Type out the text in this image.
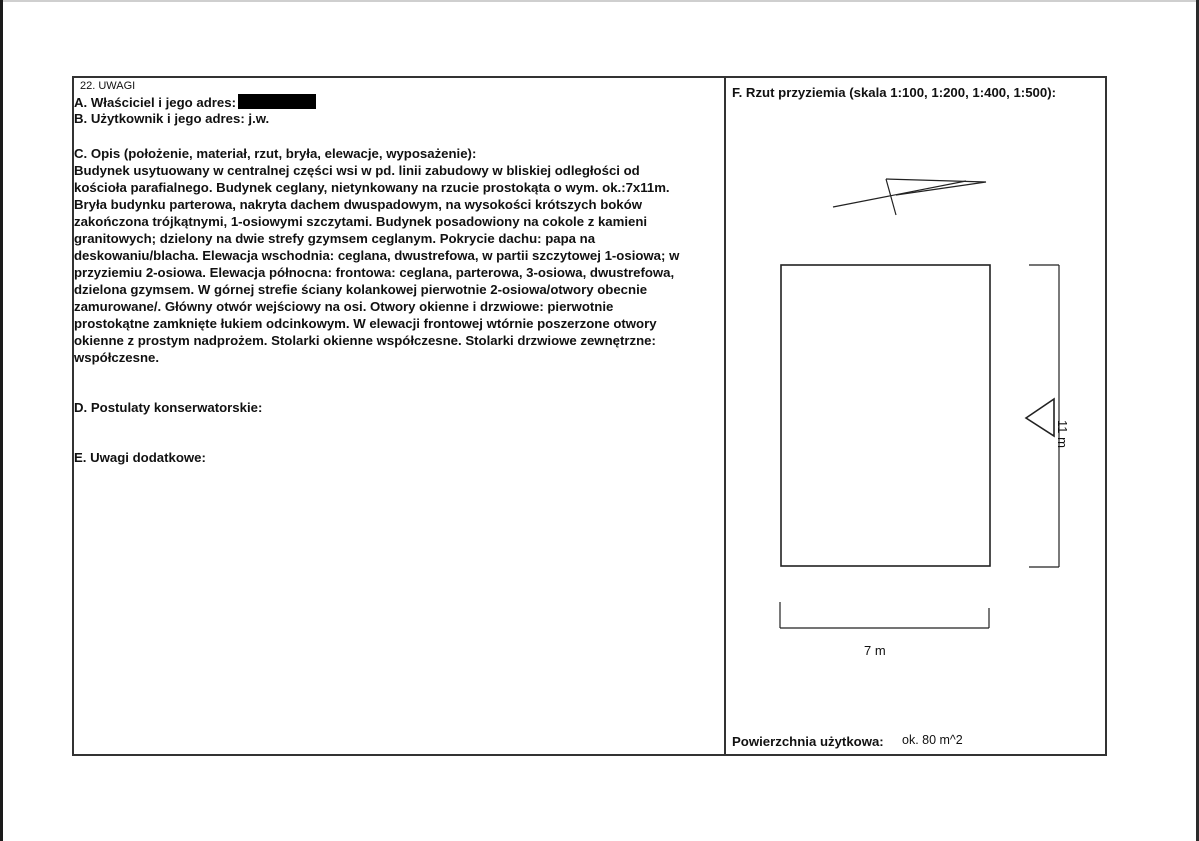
22. UWAGI
A. Właściciel i jego adres:
B. Użytkownik i jego adres: j.w.
C. Opis (położenie, materiał, rzut, bryła, elewacje, wyposażenie):
Budynek usytuowany w centralnej części wsi w pd. linii zabudowy w bliskiej odległości od
kościoła parafialnego. Budynek ceglany, nietynkowany na rzucie prostokąta o wym. ok.:7x11m.
Bryła budynku parterowa, nakryta dachem dwuspadowym, na wysokości krótszych boków
zakończona trójkątnymi, 1-osiowymi szczytami. Budynek posadowiony na cokole z kamieni
granitowych; dzielony na dwie strefy gzymsem ceglanym. Pokrycie dachu: papa na
deskowaniu/blacha. Elewacja wschodnia: ceglana, dwustrefowa, w partii szczytowej 1-osiowa; w
przyziemiu 2-osiowa. Elewacja północna: frontowa: ceglana, parterowa, 3-osiowa, dwustrefowa,
dzielona gzymsem. W górnej strefie ściany kolankowej pierwotnie 2-osiowa/otwory obecnie
zamurowane/. Główny otwór wejściowy na osi. Otwory okienne i drzwiowe: pierwotnie
prostokątne zamknięte łukiem odcinkowym. W elewacji frontowej wtórnie poszerzone otwory
okienne z prostym nadprożem. Stolarki okienne współczesne. Stolarki drzwiowe zewnętrzne:
współczesne.
D. Postulaty konserwatorskie:
E. Uwagi dodatkowe:
F. Rzut przyziemia (skala 1:100, 1:200, 1:400, 1:500):
7 m
11 m
Powierzchnia użytkowa: ok. 80 m^2
